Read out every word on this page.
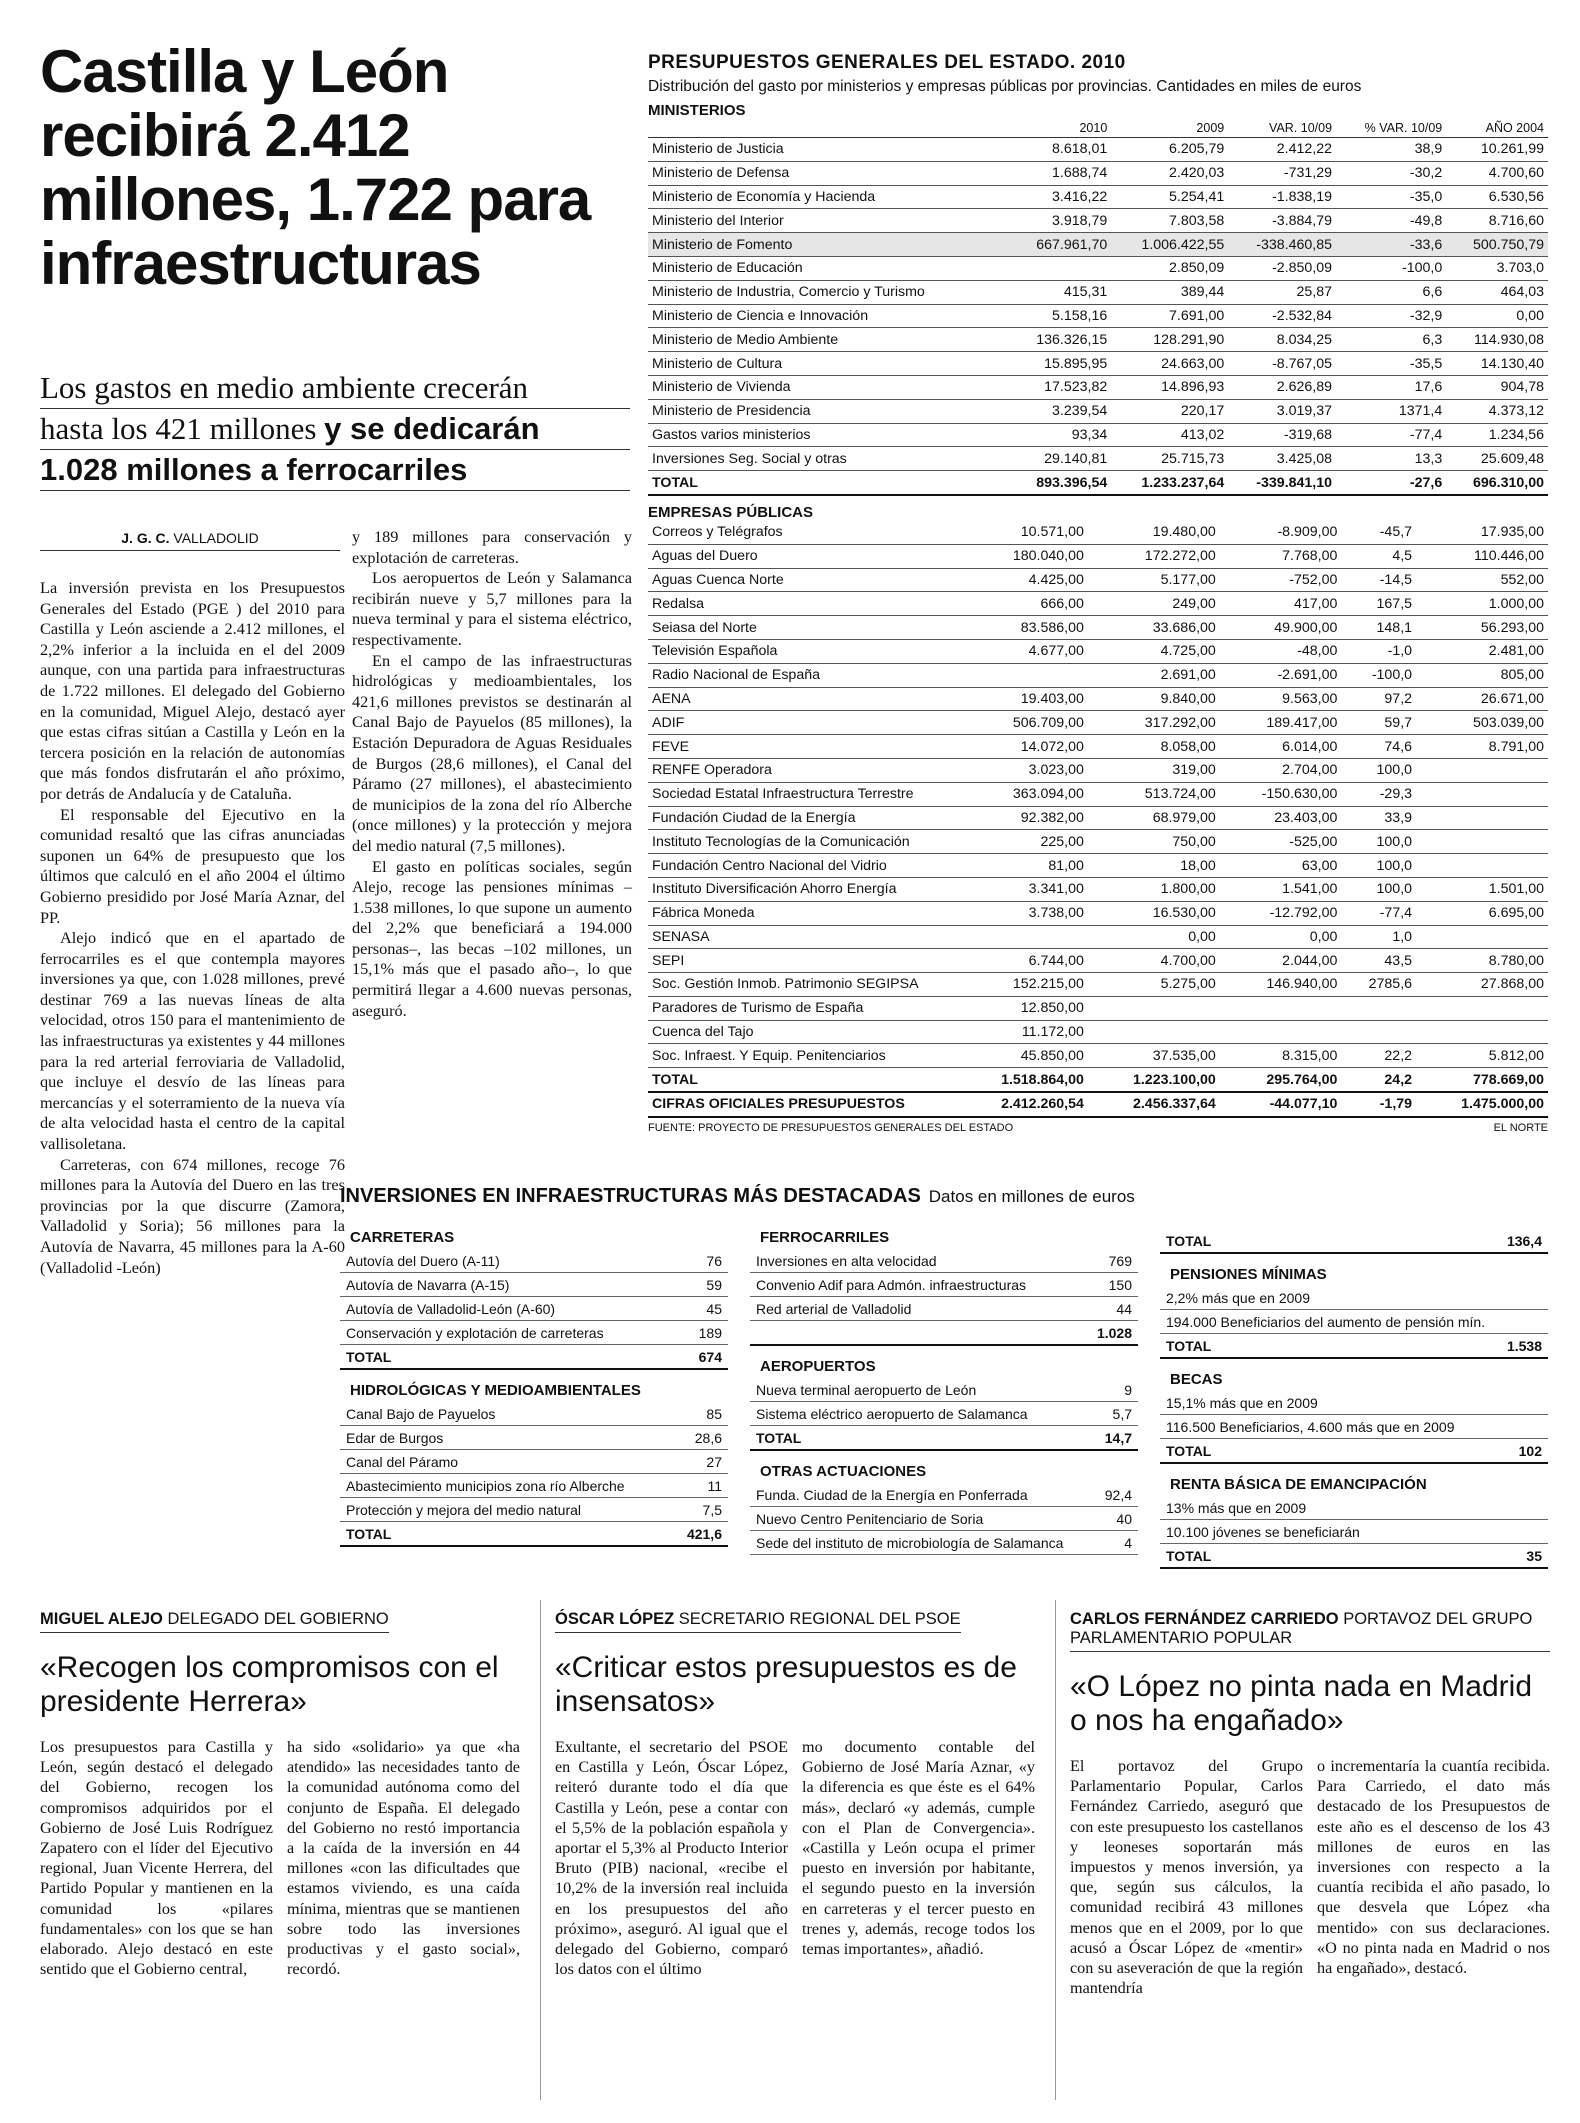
Castilla y León recibirá 2.412 millones, 1.722 para infraestructuras
Los gastos en medio ambiente crecerán
hasta los 421 millones y se dedicarán
1.028 millones a ferrocarriles
J. G. C. VALLADOLID

La inversión prevista en los Presupuestos Generales del Estado (PGE ) del 2010 para Castilla y León asciende a 2.412 millones, el 2,2% inferior a la incluida en el del 2009 aunque, con una partida para infraestructuras de 1.722 millones. El delegado del Gobierno en la comunidad, Miguel Alejo, destacó ayer que estas cifras sitúan a Castilla y León en la tercera posición en la relación de autonomías que más fondos disfrutarán el año próximo, por detrás de Andalucía y de Cataluña.

El responsable del Ejecutivo en la comunidad resaltó que las cifras anunciadas suponen un 64% de presupuesto que los últimos que calculó en el año 2004 el último Gobierno presidido por José María Aznar, del PP.

Alejo indicó que en el apartado de ferrocarriles es el que contempla mayores inversiones ya que, con 1.028 millones, prevé destinar 769 a las nuevas líneas de alta velocidad, otros 150 para el mantenimiento de las infraestructuras ya existentes y 44 millones para la red arterial ferroviaria de Valladolid, que incluye el desvío de las líneas para mercancías y el soterramiento de la nueva vía de alta velocidad hasta el centro de la capital vallisoletana.

Carreteras, con 674 millones, recoge 76 millones para la Autovía del Duero en las tres provincias por la que discurre (Zamora, Valladolid y Soria); 56 millones para la Autovía de Navarra, 45 millones para la A-60 (Valladolid -León)

y 189 millones para conservación y explotación de carreteras.

Los aeropuertos de León y Salamanca recibirán nueve y 5,7 millones para la nueva terminal y para el sistema eléctrico, respectivamente.

En el campo de las infraestructuras hidrológicas y medioambientales, los 421,6 millones previstos se destinarán al Canal Bajo de Payuelos (85 millones), la Estación Depuradora de Aguas Residuales de Burgos (28,6 millones), el Canal del Páramo (27 millones), el abastecimiento de municipios de la zona del río Alberche (once millones) y la protección y mejora del medio natural (7,5 millones).

El gasto en políticas sociales, según Alejo, recoge las pensiones mínimas –1.538 millones, lo que supone un aumento del 2,2% que beneficiará a 194.000 personas–, las becas –102 millones, un 15,1% más que el pasado año–, lo que permitirá llegar a 4.600 nuevas personas, aseguró.

PRESUPUESTOS GENERALES DEL ESTADO. 2010
Distribución del gasto por ministerios y empresas públicas por provincias. Cantidades en miles de euros
MINISTERIOS
	2010	2009	VAR. 10/09	% VAR. 10/09	AÑO 2004
Ministerio de Justicia	8.618,01	6.205,79	2.412,22	38,9	10.261,99
Ministerio de Defensa	1.688,74	2.420,03	-731,29	-30,2	4.700,60
Ministerio de Economía y Hacienda	3.416,22	5.254,41	-1.838,19	-35,0	6.530,56
Ministerio del Interior	3.918,79	7.803,58	-3.884,79	-49,8	8.716,60
Ministerio de Fomento	667.961,70	1.006.422,55	-338.460,85	-33,6	500.750,79
Ministerio de Educación		2.850,09	-2.850,09	-100,0	3.703,0
Ministerio de Industria, Comercio y Turismo	415,31	389,44	25,87	6,6	464,03
Ministerio de Ciencia e Innovación	5.158,16	7.691,00	-2.532,84	-32,9	0,00
Ministerio de Medio Ambiente	136.326,15	128.291,90	8.034,25	6,3	114.930,08
Ministerio de Cultura	15.895,95	24.663,00	-8.767,05	-35,5	14.130,40
Ministerio de Vivienda	17.523,82	14.896,93	2.626,89	17,6	904,78
Ministerio de Presidencia	3.239,54	220,17	3.019,37	1371,4	4.373,12
Gastos varios ministerios	93,34	413,02	-319,68	-77,4	1.234,56
Inversiones Seg. Social y otras	29.140,81	25.715,73	3.425,08	13,3	25.609,48
TOTAL	893.396,54	1.233.237,64	-339.841,10	-27,6	696.310,00
EMPRESAS PÚBLICAS
Correos y Telégrafos	10.571,00	19.480,00	-8.909,00	-45,7	17.935,00
Aguas del Duero	180.040,00	172.272,00	7.768,00	4,5	110.446,00
Aguas Cuenca Norte	4.425,00	5.177,00	-752,00	-14,5	552,00
Redalsa	666,00	249,00	417,00	167,5	1.000,00
Seiasa del Norte	83.586,00	33.686,00	49.900,00	148,1	56.293,00
Televisión Española	4.677,00	4.725,00	-48,00	-1,0	2.481,00
Radio Nacional de España		2.691,00	-2.691,00	-100,0	805,00
AENA	19.403,00	9.840,00	9.563,00	97,2	26.671,00
ADIF	506.709,00	317.292,00	189.417,00	59,7	503.039,00
FEVE	14.072,00	8.058,00	6.014,00	74,6	8.791,00
RENFE Operadora	3.023,00	319,00	2.704,00	100,0	
Sociedad Estatal Infraestructura Terrestre	363.094,00	513.724,00	-150.630,00	-29,3	
Fundación Ciudad de la Energía	92.382,00	68.979,00	23.403,00	33,9	
Instituto Tecnologías de la Comunicación	225,00	750,00	-525,00	100,0	
Fundación Centro Nacional del Vidrio	81,00	18,00	63,00	100,0	
Instituto Diversificación Ahorro Energía	3.341,00	1.800,00	1.541,00	100,0	1.501,00
Fábrica Moneda	3.738,00	16.530,00	-12.792,00	-77,4	6.695,00
SENASA		0,00	0,00	1,0	
SEPI	6.744,00	4.700,00	2.044,00	43,5	8.780,00
Soc. Gestión Inmob. Patrimonio SEGIPSA	152.215,00	5.275,00	146.940,00	2785,6	27.868,00
Paradores de Turismo de España	12.850,00				
Cuenca del Tajo	11.172,00				
Soc. Infraest. Y Equip. Penitenciarios	45.850,00	37.535,00	8.315,00	22,2	5.812,00
TOTAL	1.518.864,00	1.223.100,00	295.764,00	24,2	778.669,00
CIFRAS OFICIALES PRESUPUESTOS	2.412.260,54	2.456.337,64	-44.077,10	-1,79	1.475.000,00
FUENTE: PROYECTO DE PRESUPUESTOS GENERALES DEL ESTADO	EL NORTE
INVERSIONES EN INFRAESTRUCTURAS MÁS DESTACADAS Datos en millones de euros
CARRETERAS
Autovía del Duero (A-11)	76
Autovía de Navarra (A-15)	59
Autovía de Valladolid-León (A-60)	45
Conservación y explotación de carreteras	189
TOTAL	674
HIDROLÓGICAS Y MEDIOAMBIENTALES
Canal Bajo de Payuelos	85
Edar de Burgos	28,6
Canal del Páramo	27
Abastecimiento municipios zona río Alberche	11
Protección y mejora del medio natural	7,5
TOTAL	421,6
FERROCARRILES
Inversiones en alta velocidad	769
Convenio Adif para Admón. infraestructuras	150
Red arterial de Valladolid	44
	1.028
AEROPUERTOS
Nueva terminal aeropuerto de León	9
Sistema eléctrico aeropuerto de Salamanca	5,7
TOTAL	14,7
OTRAS ACTUACIONES
Funda. Ciudad de la Energía en Ponferrada	92,4
Nuevo Centro Penitenciario de Soria	40
Sede del instituto de microbiología de Salamanca	4
TOTAL	136,4
PENSIONES MÍNIMAS
2,2% más que en 2009	
194.000 Beneficiarios del aumento de pensión mín.	
TOTAL	1.538
BECAS
15,1% más que en 2009	
116.500 Beneficiarios, 4.600 más que en 2009	
TOTAL	102
RENTA BÁSICA DE EMANCIPACIÓN
13% más que en 2009	
10.100 jóvenes se beneficiarán	
TOTAL	35
MIGUEL ALEJO DELEGADO DEL GOBIERNO
«Recogen los compromisos con el presidente Herrera»
Los presupuestos para Castilla y León, según destacó el delegado del Gobierno, recogen los compromisos adquiridos por el Gobierno de José Luis Rodríguez Zapatero con el líder del Ejecutivo regional, Juan Vicente Herrera, del Partido Popular y mantienen en la comunidad los «pilares fundamentales» con los que se han elaborado. Alejo destacó en este sentido que el Gobierno central,
ha sido «solidario» ya que «ha atendido» las necesidades tanto de la comunidad autónoma como del conjunto de España. El delegado del Gobierno no restó importancia a la caída de la inversión en 44 millones «con las dificultades que estamos viviendo, es una caída mínima, mientras que se mantienen sobre todo las inversiones productivas y el gasto social», recordó.
ÓSCAR LÓPEZ SECRETARIO REGIONAL DEL PSOE
«Criticar estos presupuestos es de insensatos»
Exultante, el secretario del PSOE en Castilla y León, Óscar López, reiteró durante todo el día que Castilla y León, pese a contar con el 5,5% de la población española y aportar el 5,3% al Producto Interior Bruto (PIB) nacional, «recibe el 10,2% de la inversión real incluida en los presupuestos del año próximo», aseguró. Al igual que el delegado del Gobierno, comparó los datos con el último
mo documento contable del Gobierno de José María Aznar, «y la diferencia es que éste es el 64% más», declaró «y además, cumple con el Plan de Convergencia». «Castilla y León ocupa el primer puesto en inversión por habitante, el segundo puesto en la inversión en carreteras y el tercer puesto en trenes y, además, recoge todos los temas importantes», añadió.
CARLOS FERNÁNDEZ CARRIEDO PORTAVOZ DEL GRUPO PARLAMENTARIO POPULAR
«O López no pinta nada en Madrid o nos ha engañado»
El portavoz del Grupo Parlamentario Popular, Carlos Fernández Carriedo, aseguró que con este presupuesto los castellanos y leoneses soportarán más impuestos y menos inversión, ya que, según sus cálculos, la comunidad recibirá 43 millones menos que en el 2009, por lo que acusó a Óscar López de «mentir» con su aseveración de que la región mantendría
o incrementaría la cuantía recibida. Para Carriedo, el dato más destacado de los Presupuestos de este año es el descenso de los 43 millones de euros en las inversiones con respecto a la cuantía recibida el año pasado, lo que desvela que López «ha mentido» con sus declaraciones. «O no pinta nada en Madrid o nos ha engañado», destacó.
